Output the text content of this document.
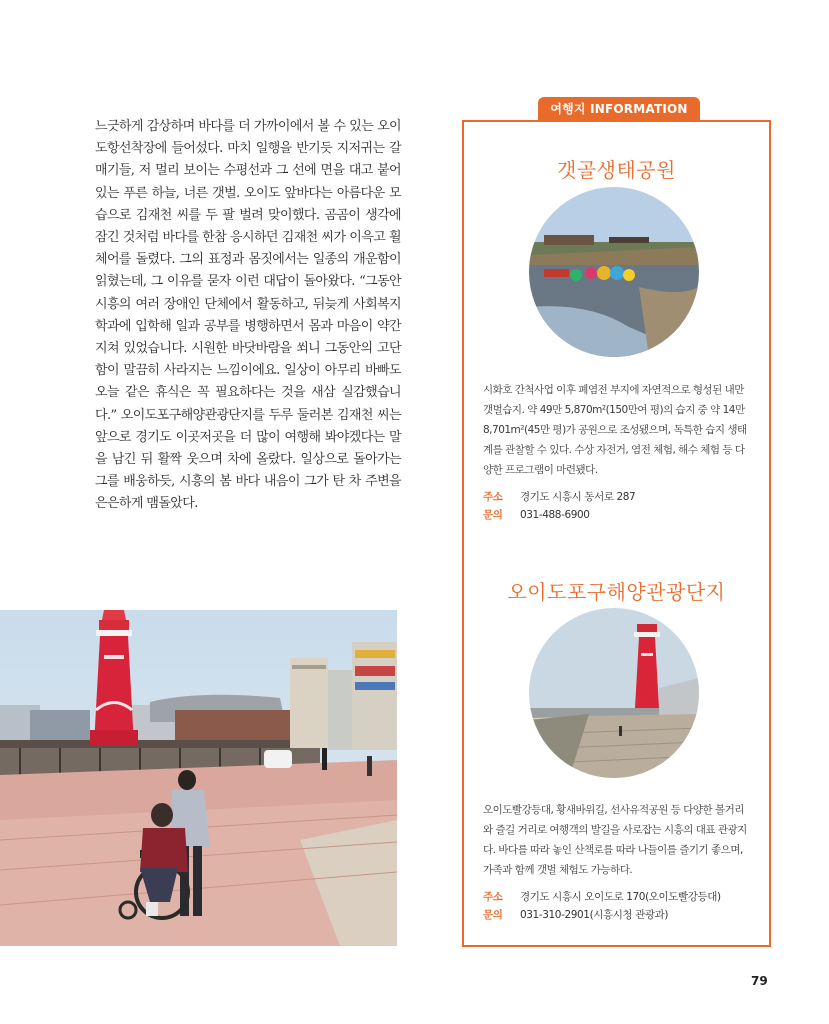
느긋하게 감상하며 바다를 더 가까이에서 볼 수 있는 오이도항선착장에 들어섰다. 마치 일행을 반기듯 지저귀는 갈매기들, 저 멀리 보이는 수평선과 그 선에 면을 대고 붙어 있는 푸른 하늘, 너른 갯벌. 오이도 앞바다는 아름다운 모습으로 김재천 씨를 두 팔 벌려 맞이했다. 곰곰이 생각에 잠긴 것처럼 바다를 한참 응시하던 김재천 씨가 이윽고 휠체어를 돌렸다. 그의 표정과 몸짓에서는 일종의 개운함이 읽혔는데, 그 이유를 묻자 이런 대답이 돌아왔다. “그동안 시흥의 여러 장애인 단체에서 활동하고, 뒤늦게 사회복지학과에 입학해 일과 공부를 병행하면서 몸과 마음이 약간 지쳐 있었습니다. 시원한 바닷바람을 쐬니 그동안의 고단함이 말끔히 사라지는 느낌이에요. 일상이 아무리 바빠도 오늘 같은 휴식은 꼭 필요하다는 것을 새삼 실감했습니다.” 오이도포구해양관광단지를 두루 둘러본 김재천 씨는 앞으로 경기도 이곳저곳을 더 많이 여행해 봐야겠다는 말을 남긴 뒤 활짝 웃으며 차에 올랐다. 일상으로 돌아가는 그를 배웅하듯, 시흥의 봄 바다 내음이 그가 탄 차 주변을 은은하게 맴돌았다.
여행지 INFORMATION
갯골생태공원
시화호 간척사업 이후 폐염전 부지에 자연적으로 형성된 내만갯벌습지. 약 49만 5,870m²(150만여 평)의 습지 중 약 14만 8,701m²(45만 평)가 공원으로 조성됐으며, 독특한 습지 생태계를 관찰할 수 있다. 수상 자전거, 염전 체험, 해수 체험 등 다양한 프로그램이 마련됐다.
주소 경기도 시흥시 동서로 287
문의 031-488-6900
오이도포구해양관광단지
오이도빨강등대, 황새바위길, 선사유적공원 등 다양한 볼거리와 즐길 거리로 여행객의 발길을 사로잡는 시흥의 대표 관광지다. 바다를 따라 놓인 산책로를 따라 나들이를 즐기기 좋으며, 가족과 함께 갯벌 체험도 가능하다.
주소 경기도 시흥시 오이도로 170(오이도빨강등대)
문의 031-310-2901(시흥시청 관광과)
79
